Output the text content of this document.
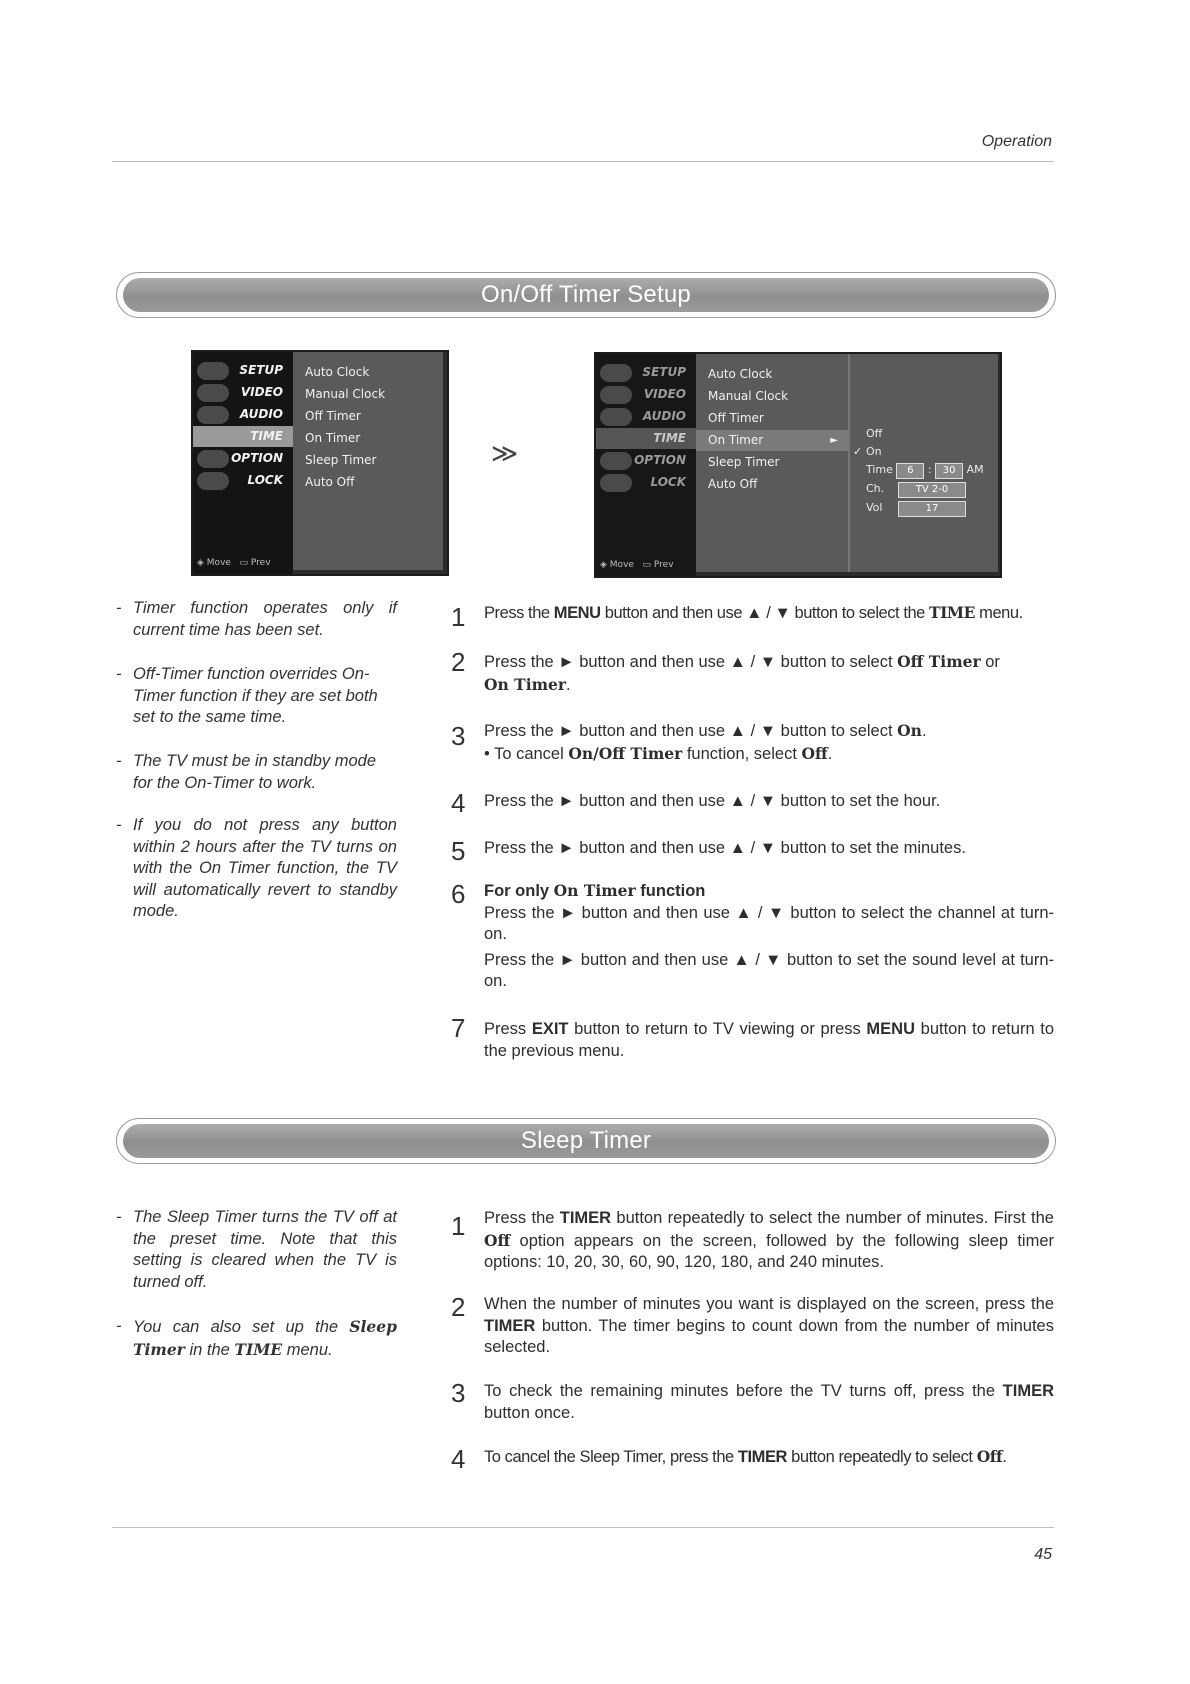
Operation
On/Off Timer Setup
SETUP
VIDEO
AUDIO
TIME
OPTION
LOCK
Auto Clock
Manual Clock
Off Timer
On Timer
Sleep Timer
Auto Off
◈ Move   ▭ Prev
≫
SETUP
VIDEO
AUDIO
TIME
OPTION
LOCK
Auto Clock
Manual Clock
Off Timer
On Timer	►
Sleep Timer
Auto Off
Off
✓ On
Time 6 : 30 AM
Ch.	TV 2-0
Vol	17
◈ Move   ▭ Prev
- Timer function operates only if current time has been set.
- Off-Timer function overrides On-Timer function if they are set both set to the same time.
- The TV must be in standby mode for the On-Timer to work.
- If you do not press any button within 2 hours after the TV turns on with the On Timer function, the TV will automatically revert to standby mode.
1 Press the MENU button and then use ▲ / ▼ button to select the TIME menu.
2 Press the ► button and then use ▲ / ▼ button to select Off Timer or
On Timer.
3 Press the ► button and then use ▲ / ▼ button to select On.
• To cancel On/Off Timer function, select Off.
4 Press the ► button and then use ▲ / ▼ button to set the hour.
5 Press the ► button and then use ▲ / ▼ button to set the minutes.
6 For only On Timer function
Press the ► button and then use ▲ / ▼ button to select the channel at turn-on.
Press the ► button and then use ▲ / ▼ button to set the sound level at turn-on.
7 Press EXIT button to return to TV viewing or press MENU button to return to the previous menu.
Sleep Timer
- The Sleep Timer turns the TV off at the preset time. Note that this setting is cleared when the TV is turned off.
- You can also set up the Sleep Timer in the TIME menu.
1 Press the TIMER button repeatedly to select the number of minutes. First the Off option appears on the screen, followed by the following sleep timer options: 10, 20, 30, 60, 90, 120, 180, and 240 minutes.
2 When the number of minutes you want is displayed on the screen, press the TIMER button. The timer begins to count down from the number of minutes selected.
3 To check the remaining minutes before the TV turns off, press the TIMER button once.
4 To cancel the Sleep Timer, press the TIMER button repeatedly to select Off.
45
